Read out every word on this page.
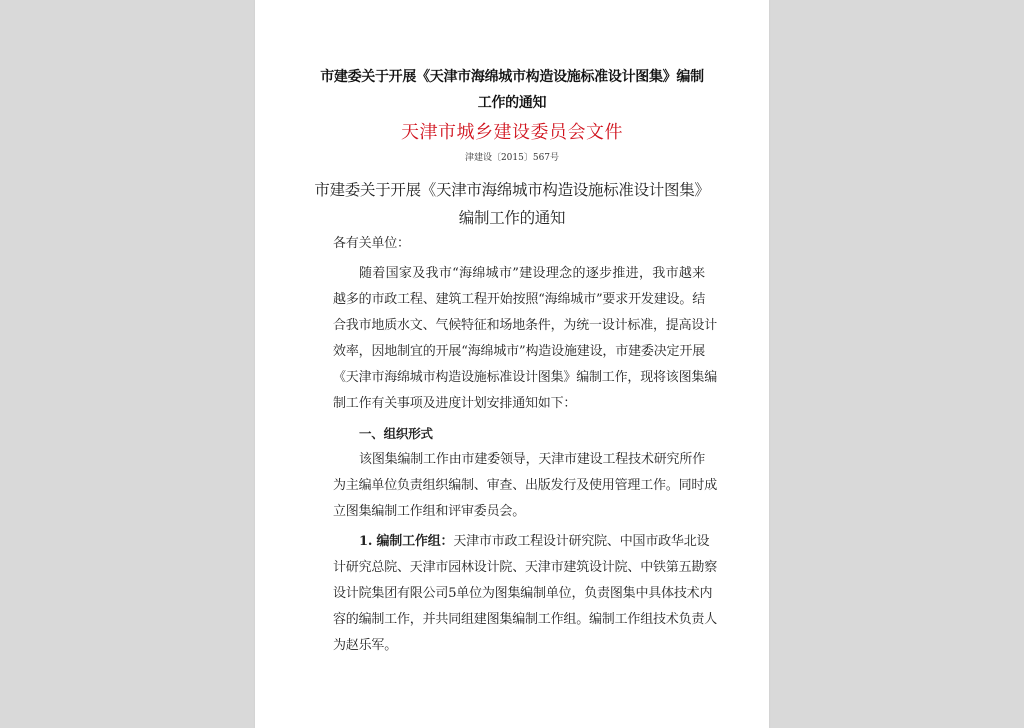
市建委关于开展《天津市海绵城市构造设施标准设计图集》编制
工作的通知
天津市城乡建设委员会文件
津建设〔2015〕567号
市建委关于开展《天津市海绵城市构造设施标准设计图集》
编制工作的通知
各有关单位：
随着国家及我市“海绵城市”建设理念的逐步推进，我市越来
越多的市政工程、建筑工程开始按照“海绵城市”要求开发建设。结
合我市地质水文、气候特征和场地条件，为统一设计标准，提高设计
效率，因地制宜的开展“海绵城市”构造设施建设，市建委决定开展
《天津市海绵城市构造设施标准设计图集》编制工作，现将该图集编
制工作有关事项及进度计划安排通知如下：
一、组织形式
该图集编制工作由市建委领导，天津市建设工程技术研究所作
为主编单位负责组织编制、审查、出版发行及使用管理工作。同时成
立图集编制工作组和评审委员会。
1. 编制工作组：天津市市政工程设计研究院、中国市政华北设
计研究总院、天津市园林设计院、天津市建筑设计院、中铁第五勘察
设计院集团有限公司5单位为图集编制单位，负责图集中具体技术内
容的编制工作，并共同组建图集编制工作组。编制工作组技术负责人
为赵乐军。
